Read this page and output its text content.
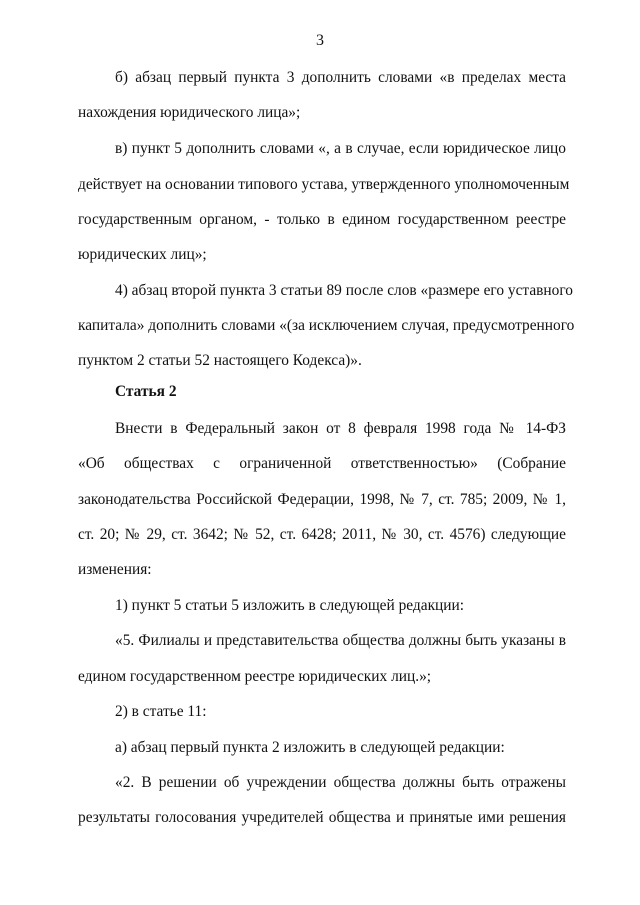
3
б) абзац первый пункта 3 дополнить словами «в пределах места
нахождения юридического лица»;
в) пункт 5 дополнить словами «, а в случае, если юридическое лицо
действует на основании типового устава, утвержденного уполномоченным
государственным органом, - только в едином государственном реестре
юридических лиц»;
4) абзац второй пункта 3 статьи 89 после слов «размере его уставного
капитала» дополнить словами «(за исключением случая, предусмотренного
пунктом 2 статьи 52 настоящего Кодекса)».
Статья 2
Внести в Федеральный закон от 8 февраля 1998 года № 14-ФЗ
«Об обществах с ограниченной ответственностью» (Собрание
законодательства Российской Федерации, 1998, № 7, ст. 785; 2009, № 1,
ст. 20; № 29, ст. 3642; № 52, ст. 6428; 2011, № 30, ст. 4576) следующие
изменения:
1) пункт 5 статьи 5 изложить в следующей редакции:
«5. Филиалы и представительства общества должны быть указаны в
едином государственном реестре юридических лиц.»;
2) в статье 11:
а) абзац первый пункта 2 изложить в следующей редакции:
«2. В решении об учреждении общества должны быть отражены
результаты голосования учредителей общества и принятые ими решения
